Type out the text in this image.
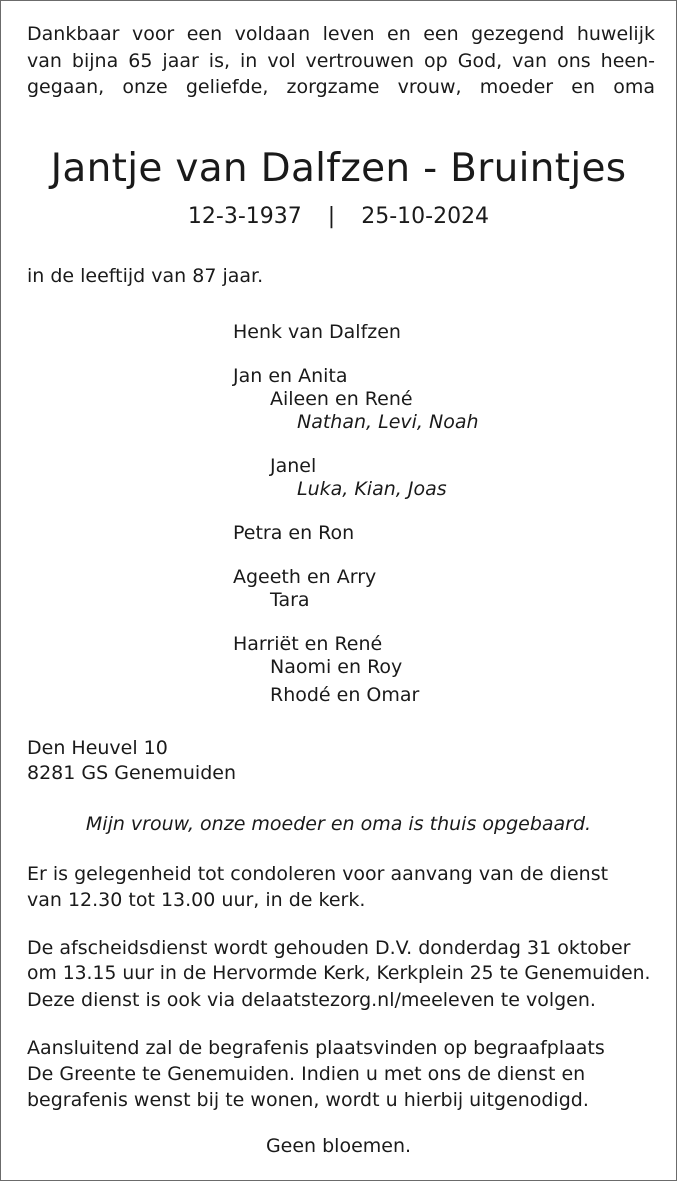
Dankbaar voor een voldaan leven en een gezegend huwelijk
van bijna 65 jaar is, in vol vertrouwen op God, van ons heen-
gegaan, onze geliefde, zorgzame vrouw, moeder en oma
Jantje van Dalfzen - Bruintjes
12-3-1937 | 25-10-2024
in de leeftijd van 87 jaar.
Henk van Dalfzen
Jan en Anita
Aileen en René
Nathan, Levi, Noah
Janel
Luka, Kian, Joas
Petra en Ron
Ageeth en Arry
Tara
Harriët en René
Naomi en Roy
Rhodé en Omar
Den Heuvel 10
8281 GS Genemuiden
Mijn vrouw, onze moeder en oma is thuis opgebaard.
Er is gelegenheid tot condoleren voor aanvang van de dienst
van 12.30 tot 13.00 uur, in de kerk.
De afscheidsdienst wordt gehouden D.V. donderdag 31 oktober
om 13.15 uur in de Hervormde Kerk, Kerkplein 25 te Genemuiden.
Deze dienst is ook via delaatstezorg.nl/meeleven te volgen.
Aansluitend zal de begrafenis plaatsvinden op begraafplaats
De Greente te Genemuiden. Indien u met ons de dienst en
begrafenis wenst bij te wonen, wordt u hierbij uitgenodigd.
Geen bloemen.
